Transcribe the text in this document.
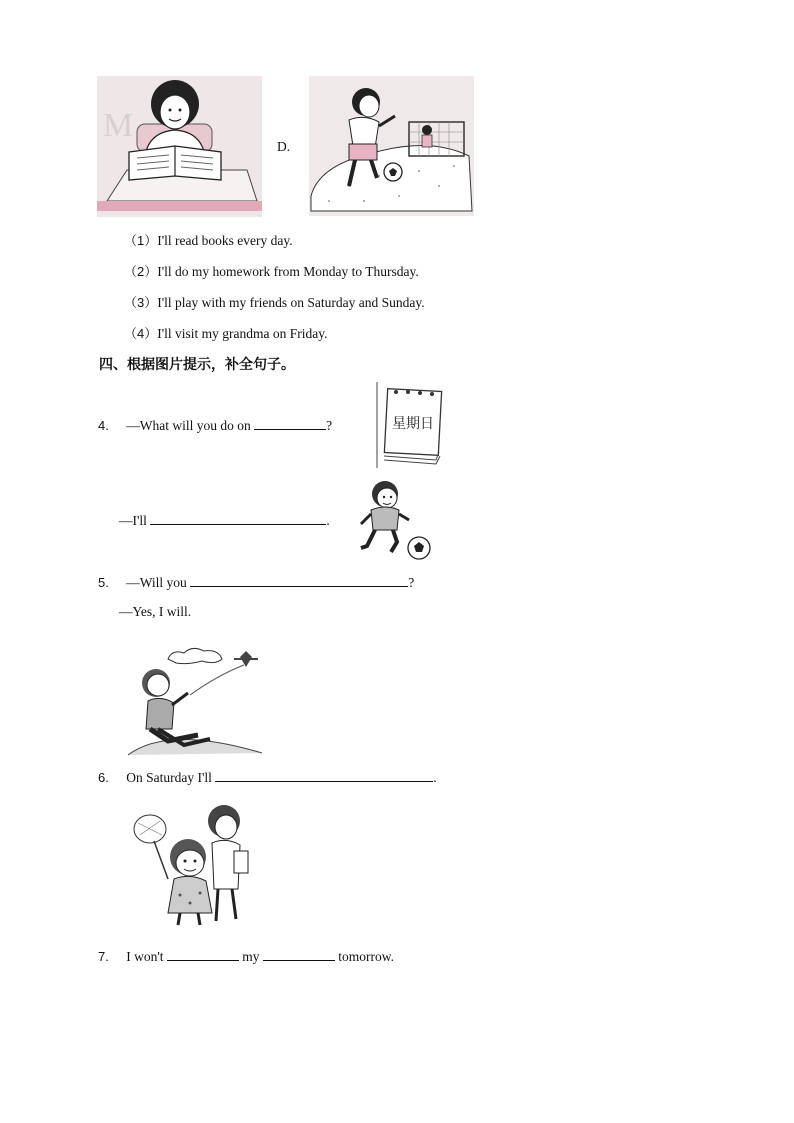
M
D.
（1）I'll read books every day.
（2）I'll do my homework from Monday to Thursday.
（3）I'll play with my friends on Saturday and Sunday.
（4）I'll visit my grandma on Friday.
四、根据图片提示，补全句子。
4. —What will you do on	?	星期日
—I'll	.
5. —Will you	?
—Yes, I will.
6. On Saturday I'll	.
7. I won't	my	tomorrow.
